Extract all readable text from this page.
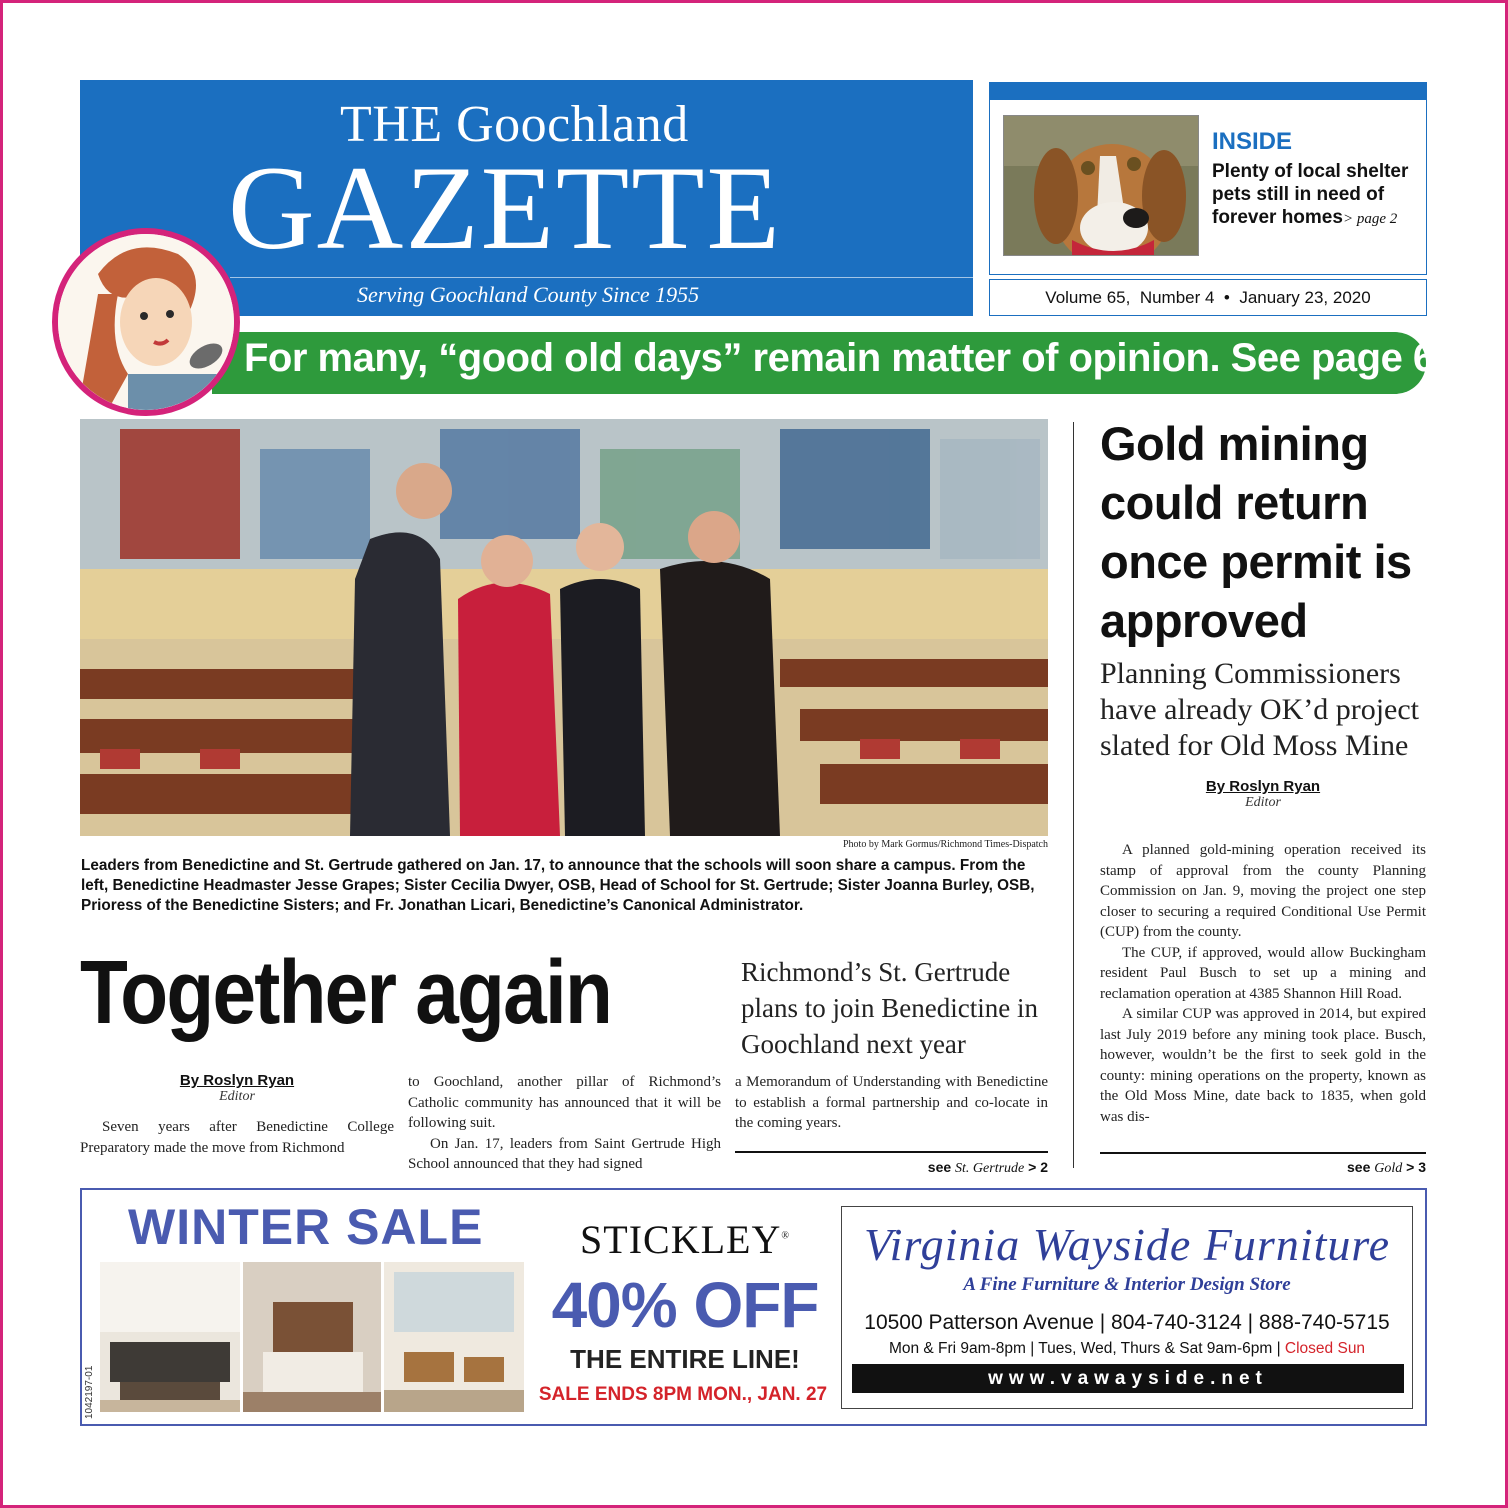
THE Goochland
GAZETTE
Serving Goochland County Since 1955
INSIDE
Plenty of local shelter pets still in need of forever homes> page 2
Volume 65,
Number 4 • January 23, 2020
For many, “good old days” remain matter of opinion. See page 6
Photo by Mark Gormus/Richmond Times-Dispatch
Leaders from Benedictine and St. Gertrude gathered on Jan. 17, to announce that the schools will soon share a campus. From the left, Benedictine Headmaster Jesse Grapes; Sister Cecilia Dwyer, OSB, Head of School for St. Gertrude; Sister Joanna Burley, OSB, Prioress of the Benedictine Sisters; and Fr. Jonathan Licari, Benedictine’s Canonical Administrator.
Together again	Richmond’s St. Gertrude plans to join Benedictine in Goochland next year
By Roslyn Ryan
Editor
Seven years after Benedictine College Preparatory made the move from Richmond
to Goochland, another pillar of Richmond’s Catholic community has announced that it will be following suit.
On Jan. 17, leaders from Saint Gertrude High School announced that they had signed
a Memorandum of Understanding with Benedictine to establish a formal partnership and co-locate in the coming years.
see St. Gertrude > 2
Gold mining could return once permit is approved
Planning Commissioners have already OK’d project slated for Old Moss Mine
By Roslyn Ryan
Editor
A planned gold-mining operation received its stamp of approval from the county Planning Commission on Jan. 9, moving the project one step closer to securing a required Conditional Use Permit (CUP) from the county.
The CUP, if approved, would allow Buckingham resident Paul Busch to set up a mining and reclamation operation at 4385 Shannon Hill Road.
A similar CUP was approved in 2014, but expired last July 2019 before any mining took place. Busch, however, wouldn’t be the first to seek gold in the county: mining operations on the property, known as the Old Moss Mine, date back to 1835, when gold was dis-
see Gold > 3
WINTER SALE
1042197-01
STICKLEY®
40% OFF
THE ENTIRE LINE!
SALE ENDS 8PM MON., JAN. 27
Virginia Wayside Furniture
A Fine Furniture & Interior Design Store
10500 Patterson Avenue | 804-740-3124 | 888-740-5715
Mon & Fri 9am-8pm | Tues, Wed, Thurs & Sat 9am-6pm | Closed Sun
www.vawayside.net
